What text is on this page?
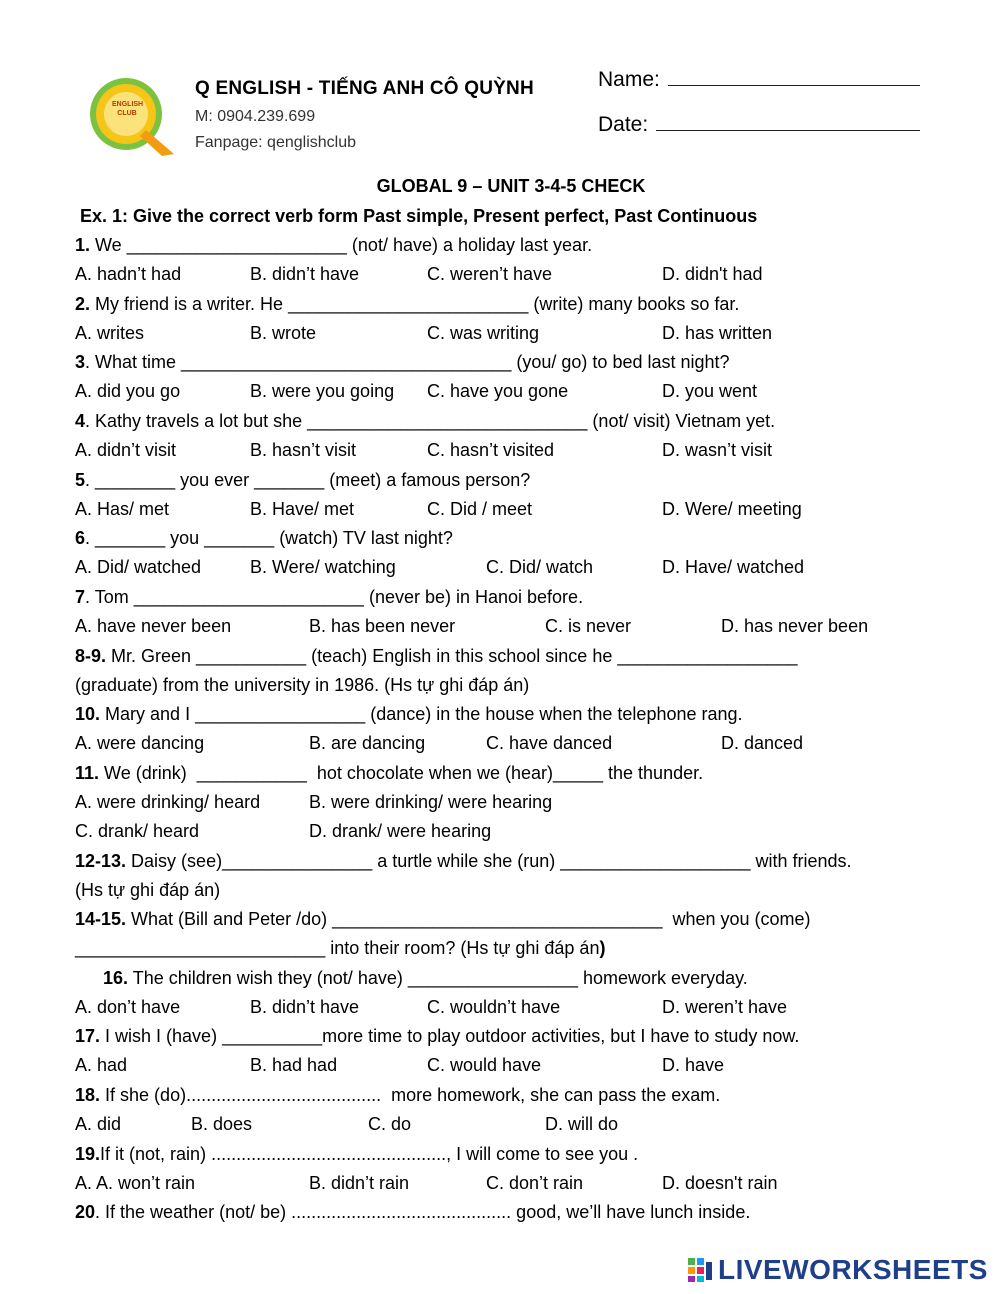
ENGLISH CLUB
Q ENGLISH - TIẾNG ANH CÔ QUỲNH
M: 0904.239.699
Fanpage: qenglishclub
Name:
Date:
GLOBAL 9 – UNIT 3-4-5 CHECK
Ex. 1: Give the correct verb form Past simple, Present perfect, Past Continuous
1. We ______________________ (not/ have) a holiday last year.
A. hadn’t had	B. didn’t have	C. weren’t have	D. didn't had
2. My friend is a writer. He ________________________ (write) many books so far.
A. writes	B. wrote	C. was writing	D. has written
3. What time _________________________________ (you/ go) to bed last night?
A. did you go	B. were you going C. have you gone	D. you went
4. Kathy travels a lot but she ____________________________ (not/ visit) Vietnam yet.
A. didn’t visit	B. hasn’t visit	C. hasn’t visited	D. wasn’t visit
5. ________ you ever _______ (meet) a famous person?
A. Has/ met	B. Have/ met	C. Did / meet	D. Were/ meeting
6. _______ you _______ (watch) TV last night?
A. Did/ watched	B. Were/ watching	C. Did/ watch	D. Have/ watched
7. Tom _______________________ (never be) in Hanoi before.
A. have never been	B. has been never	C. is never	D. has never been
8-9. Mr. Green ___________ (teach) English in this school since he __________________
(graduate) from the university in 1986. (Hs tự ghi đáp án)
10. Mary and I _________________ (dance) in the house when the telephone rang.
A. were dancing	B. are dancing	C. have danced	D. danced
11. We (drink)  ___________  hot chocolate when we (hear)_____ the thunder.
A. were drinking/ heard	B. were drinking/ were hearing
C. drank/ heard	D. drank/ were hearing
12-13. Daisy (see)_______________ a turtle while she (run) ___________________ with friends.
(Hs tự ghi đáp án)
14-15. What (Bill and Peter /do) _________________________________  when you (come)
_________________________ into their room? (Hs tự ghi đáp án)
16. The children wish they (not/ have) _________________ homework everyday.
A. don’t have	B. didn’t have	C. wouldn’t have	D. weren’t have
17. I wish I (have) __________more time to play outdoor activities, but I have to study now.
A. had	B. had had	C. would have	D. have
18. If she (do).......................................  more homework, she can pass the exam.
A. did	B. does	C. do	D. will do
19.If it (not, rain) ..............................................., I will come to see you .
A. A. won’t rain	B. didn’t rain	C. don’t rain	D. doesn't rain
20. If the weather (not/ be) ............................................ good, we’ll have lunch inside.
LIVEWORKSHEETS
